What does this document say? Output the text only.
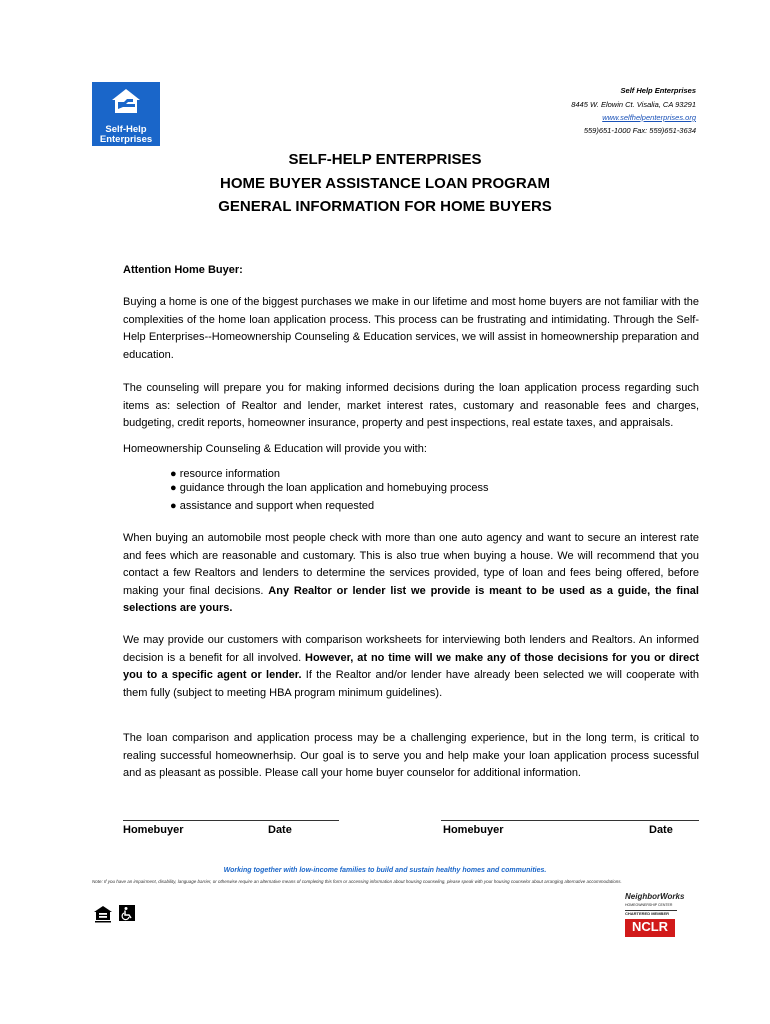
Self-Help
Enterprises
Self Help Enterprises
8445 W. Elowin Ct. Visalia, CA 93291
www.selfhelpenterprises.org
559)651-1000 Fax: 559)651-3634
SELF-HELP ENTERPRISES
HOME BUYER ASSISTANCE LOAN PROGRAM
GENERAL INFORMATION FOR HOME BUYERS
Attention Home Buyer:
Buying a home is one of the biggest purchases we make in our lifetime and most home buyers are not familiar with the complexities of the home loan application process. This process can be frustrating and intimidating. Through the Self-Help Enterprises--Homeownership Counseling & Education services, we will assist in homeownership preparation and education.
The counseling will prepare you for making informed decisions during the loan application process regarding such items as: selection of Realtor and lender, market interest rates, customary and reasonable fees and charges, budgeting, credit reports, homeowner insurance, property and pest inspections, real estate taxes, and appraisals.
Homeownership Counseling & Education will provide you with:
● resource information
● guidance through the loan application and homebuying process
● assistance and support when requested
When buying an automobile most people check with more than one auto agency and want to secure an interest rate and fees which are reasonable and customary. This is also true when buying a house. We will recommend that you contact a few Realtors and lenders to determine the services provided, type of loan and fees being offered, before making your final decisions. Any Realtor or lender list we provide is meant to be used as a guide, the final selections are yours.
We may provide our customers with comparison worksheets for interviewing both lenders and Realtors. An informed decision is a benefit for all involved. However, at no time will we make any of those decisions for you or direct you to a specific agent or lender. If the Realtor and/or lender have already been selected we will cooperate with them fully (subject to meeting HBA program minimum guidelines).
The loan comparison and application process may be a challenging experience, but in the long term, is critical to realing successful homeownerhsip. Our goal is to serve you and help make your loan application process sucessful and as pleasant as possible. Please call your home buyer counselor for additional information.
Homebuyer	Date	Homebuyer	Date
Working together with low-income families to build and sustain healthy homes and communities.
Note: If you have an impairment, disability, language barrier, or otherwise require an alternative means of completing this form or accessing information about housing counseling, please speak with your housing counselor about arranging alternative accommodations.
NeighborWorks
HOMEOWNERSHIP CENTER
CHARTERED MEMBER
NCLR
